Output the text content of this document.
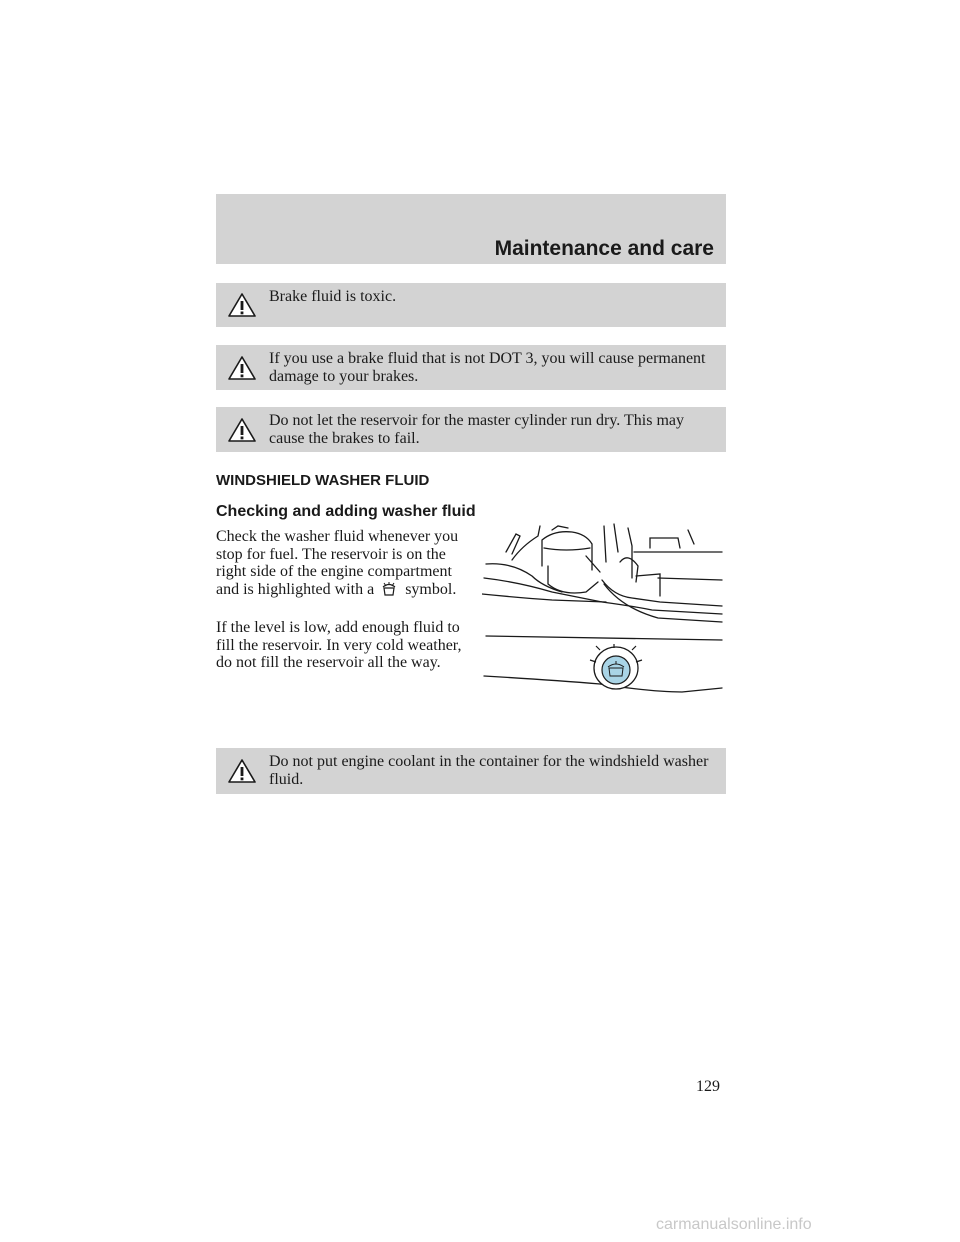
Maintenance and care
Brake fluid is toxic.
If you use a brake fluid that is not DOT 3, you will cause permanent damage to your brakes.
Do not let the reservoir for the master cylinder run dry. This may cause the brakes to fail.
WINDSHIELD WASHER FLUID
Checking and adding washer fluid

Check the washer fluid whenever you stop for fuel. The reservoir is on the right side of the engine compartment and is highlighted with a symbol.

If the level is low, add enough fluid to fill the reservoir. In very cold weather, do not fill the reservoir all the way.

Do not put engine coolant in the container for the windshield washer fluid.
129
carmanualsonline.info
